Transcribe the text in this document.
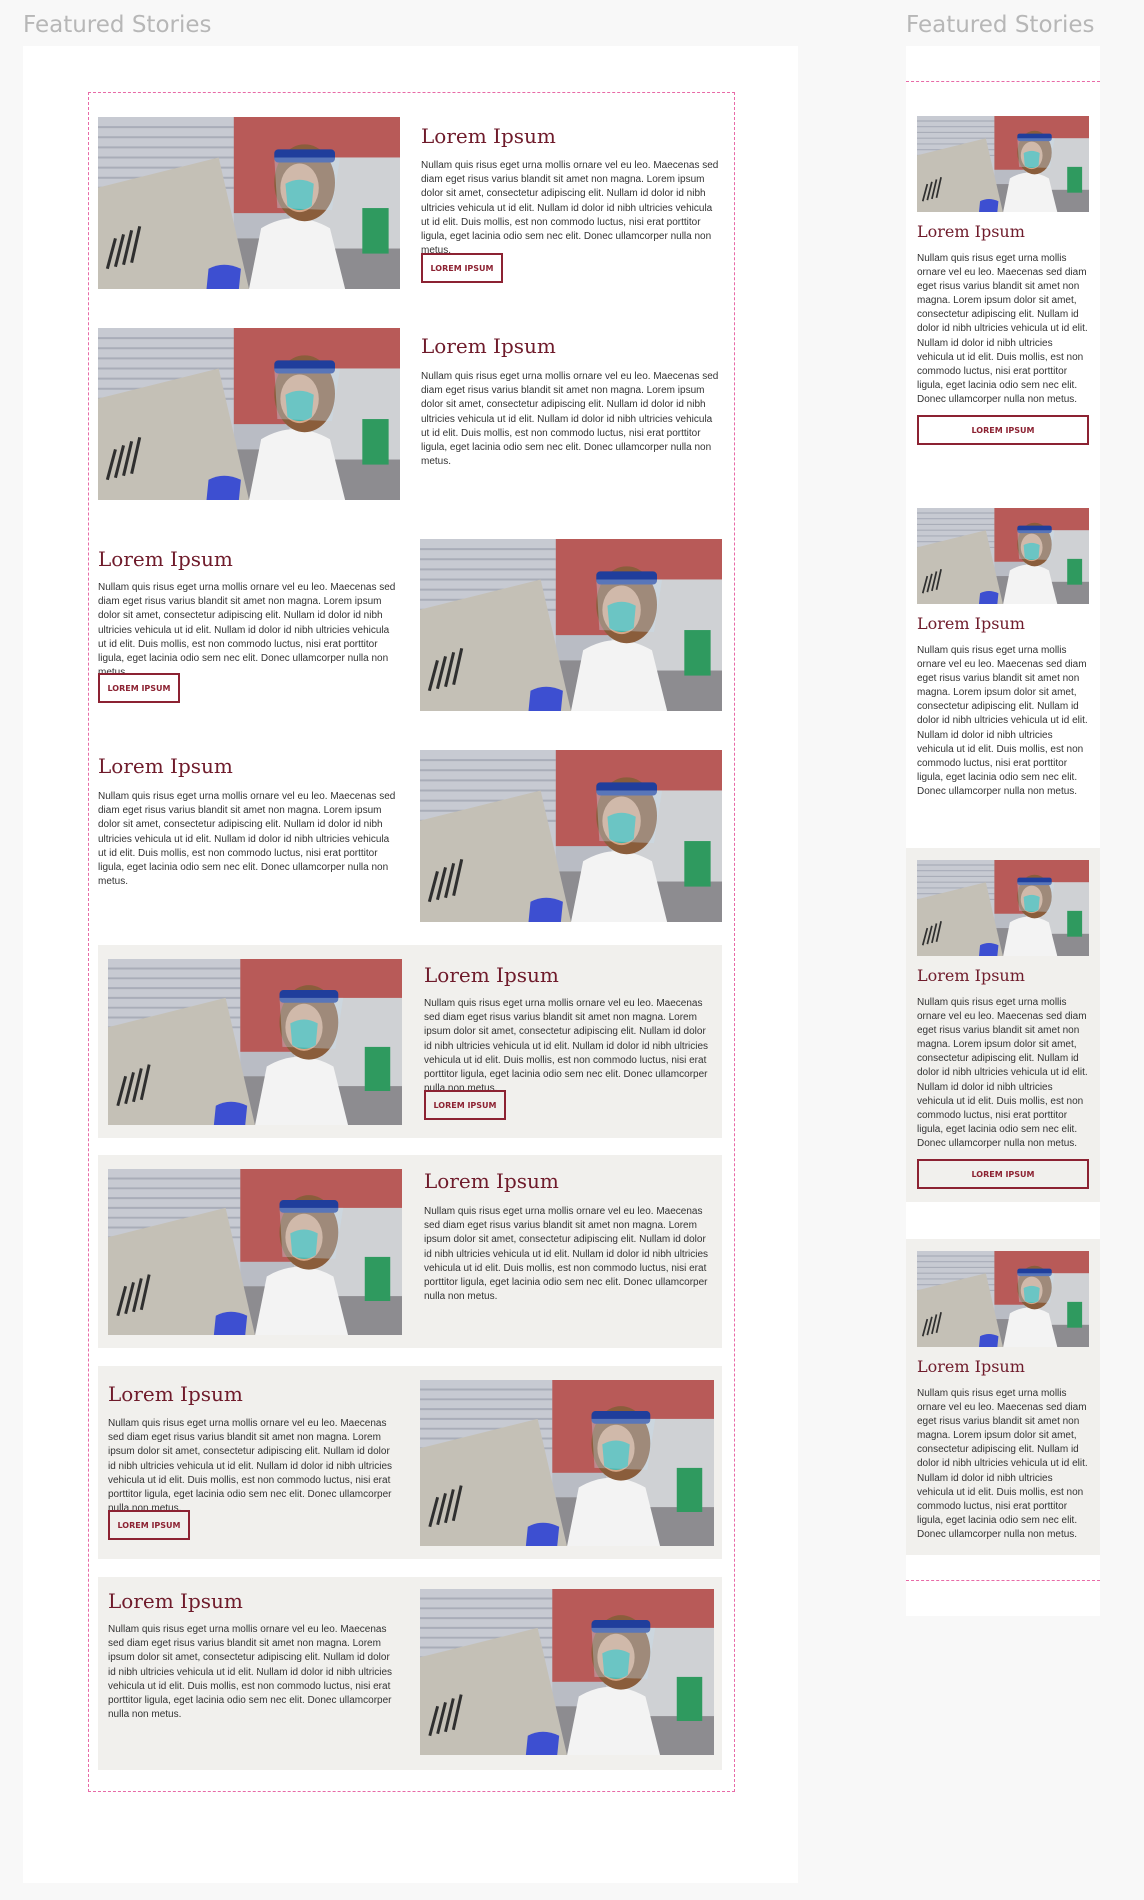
Featured Stories	Featured Stories
Lorem Ipsum

Nullam quis risus eget urna mollis ornare vel eu leo. Maecenas sed diam eget risus varius blandit sit amet non magna. Lorem ipsum dolor sit amet, consectetur adipiscing elit. Nullam id dolor id nibh ultricies vehicula ut id elit. Nullam id dolor id nibh ultricies vehicula ut id elit. Duis mollis, est non commodo luctus, nisi erat porttitor ligula, eget lacinia odio sem nec elit. Donec ullamcorper nulla non metus.

LOREM IPSUM
Lorem Ipsum

Nullam quis risus eget urna mollis ornare vel eu leo. Maecenas sed diam eget risus varius blandit sit amet non magna. Lorem ipsum dolor sit amet, consectetur adipiscing elit. Nullam id dolor id nibh ultricies vehicula ut id elit. Nullam id dolor id nibh ultricies vehicula ut id elit. Duis mollis, est non commodo luctus, nisi erat porttitor ligula, eget lacinia odio sem nec elit. Donec ullamcorper nulla non metus.

Lorem Ipsum

Nullam quis risus eget urna mollis ornare vel eu leo. Maecenas sed diam eget risus varius blandit sit amet non magna. Lorem ipsum dolor sit amet, consectetur adipiscing elit. Nullam id dolor id nibh ultricies vehicula ut id elit. Nullam id dolor id nibh ultricies vehicula ut id elit. Duis mollis, est non commodo luctus, nisi erat porttitor ligula, eget lacinia odio sem nec elit. Donec ullamcorper nulla non metus.

LOREM IPSUM
Lorem Ipsum

Nullam quis risus eget urna mollis ornare vel eu leo. Maecenas sed diam eget risus varius blandit sit amet non magna. Lorem ipsum dolor sit amet, consectetur adipiscing elit. Nullam id dolor id nibh ultricies vehicula ut id elit. Nullam id dolor id nibh ultricies vehicula ut id elit. Duis mollis, est non commodo luctus, nisi erat porttitor ligula, eget lacinia odio sem nec elit. Donec ullamcorper nulla non metus.

Lorem Ipsum

Nullam quis risus eget urna mollis ornare vel eu leo. Maecenas sed diam eget risus varius blandit sit amet non magna. Lorem ipsum dolor sit amet, consectetur adipiscing elit. Nullam id dolor id nibh ultricies vehicula ut id elit. Nullam id dolor id nibh ultricies vehicula ut id elit. Duis mollis, est non commodo luctus, nisi erat porttitor ligula, eget lacinia odio sem nec elit. Donec ullamcorper nulla non metus.

LOREM IPSUM
Lorem Ipsum

Nullam quis risus eget urna mollis ornare vel eu leo. Maecenas sed diam eget risus varius blandit sit amet non magna. Lorem ipsum dolor sit amet, consectetur adipiscing elit. Nullam id dolor id nibh ultricies vehicula ut id elit. Nullam id dolor id nibh ultricies vehicula ut id elit. Duis mollis, est non commodo luctus, nisi erat porttitor ligula, eget lacinia odio sem nec elit. Donec ullamcorper nulla non metus.

Lorem Ipsum

Nullam quis risus eget urna mollis ornare vel eu leo. Maecenas sed diam eget risus varius blandit sit amet non magna. Lorem ipsum dolor sit amet, consectetur adipiscing elit. Nullam id dolor id nibh ultricies vehicula ut id elit. Nullam id dolor id nibh ultricies vehicula ut id elit. Duis mollis, est non commodo luctus, nisi erat porttitor ligula, eget lacinia odio sem nec elit. Donec ullamcorper nulla non metus.

LOREM IPSUM
Lorem Ipsum

Nullam quis risus eget urna mollis ornare vel eu leo. Maecenas sed diam eget risus varius blandit sit amet non magna. Lorem ipsum dolor sit amet, consectetur adipiscing elit. Nullam id dolor id nibh ultricies vehicula ut id elit. Nullam id dolor id nibh ultricies vehicula ut id elit. Duis mollis, est non commodo luctus, nisi erat porttitor ligula, eget lacinia odio sem nec elit. Donec ullamcorper nulla non metus.

Lorem Ipsum

Nullam quis risus eget urna mollis ornare vel eu leo. Maecenas sed diam eget risus varius blandit sit amet non magna. Lorem ipsum dolor sit amet, consectetur adipiscing elit. Nullam id dolor id nibh ultricies vehicula ut id elit. Nullam id dolor id nibh ultricies vehicula ut id elit. Duis mollis, est non commodo luctus, nisi erat porttitor ligula, eget lacinia odio sem nec elit. Donec ullamcorper nulla non metus.

LOREM IPSUM
Lorem Ipsum

Nullam quis risus eget urna mollis ornare vel eu leo. Maecenas sed diam eget risus varius blandit sit amet non magna. Lorem ipsum dolor sit amet, consectetur adipiscing elit. Nullam id dolor id nibh ultricies vehicula ut id elit. Nullam id dolor id nibh ultricies vehicula ut id elit. Duis mollis, est non commodo luctus, nisi erat porttitor ligula, eget lacinia odio sem nec elit. Donec ullamcorper nulla non metus.

Lorem Ipsum

Nullam quis risus eget urna mollis ornare vel eu leo. Maecenas sed diam eget risus varius blandit sit amet non magna. Lorem ipsum dolor sit amet, consectetur adipiscing elit. Nullam id dolor id nibh ultricies vehicula ut id elit. Nullam id dolor id nibh ultricies vehicula ut id elit. Duis mollis, est non commodo luctus, nisi erat porttitor ligula, eget lacinia odio sem nec elit. Donec ullamcorper nulla non metus.

LOREM IPSUM
Lorem Ipsum

Nullam quis risus eget urna mollis ornare vel eu leo. Maecenas sed diam eget risus varius blandit sit amet non magna. Lorem ipsum dolor sit amet, consectetur adipiscing elit. Nullam id dolor id nibh ultricies vehicula ut id elit. Nullam id dolor id nibh ultricies vehicula ut id elit. Duis mollis, est non commodo luctus, nisi erat porttitor ligula, eget lacinia odio sem nec elit. Donec ullamcorper nulla non metus.
